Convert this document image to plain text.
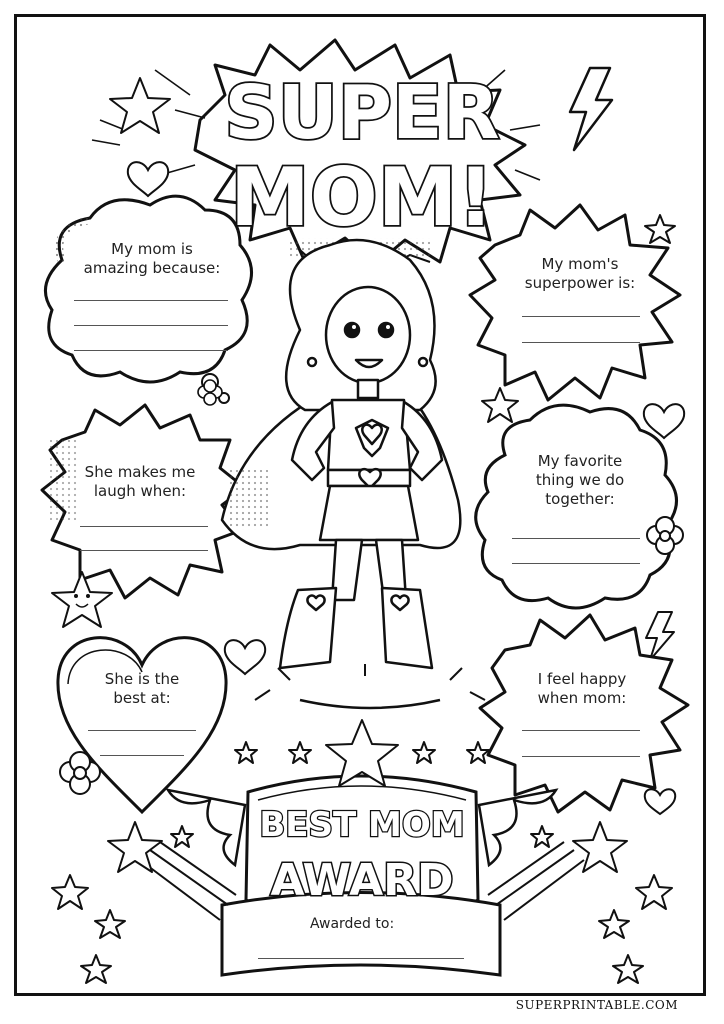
SUPER
MOM!
BEST MOM
AWARD
My mom is
amazing because:	My mom's
superpower is:
She makes me
laugh when:
My favorite
thing we do
together:
She is the
best at:
I feel happy
when mom:
Awarded to:
SUPERPRINTABLE.COM
